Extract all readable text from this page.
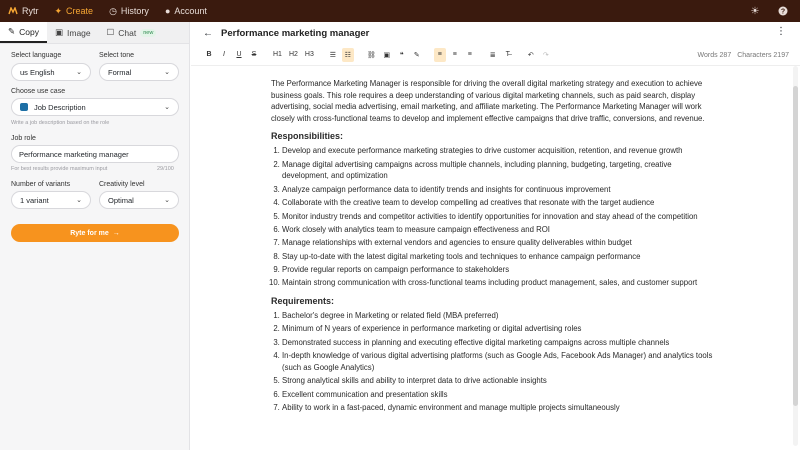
Rytr ✦ Create ◷ History ● Account	☀	?
✎ Copy ▣ Image ☐ Chat	new
Select language
us English	⌄
Select tone
Formal	⌄
Choose use case
Job Description	⌄
Write a job description based on the role
Job role
Performance marketing manager
For best results provide maximum input	29/100
Number of variants
1 variant	⌄
Creativity level
Optimal	⌄
Ryte for me →
← Performance marketing manager	⋮
B	I	U	S	H1 H2 H3	☰	☷	⛓	▣	❝	✎	≡	≡	≡	≣	T̶	↶	↷	Words 287 Characters 2197

The Performance Marketing Manager is responsible for driving the overall digital marketing strategy and execution to achieve business goals. This role requires a deep understanding of various digital marketing channels, such as paid search, display advertising, social media advertising, email marketing, and affiliate marketing. The Performance Marketing Manager will work closely with cross-functional teams to develop and implement effective campaigns that drive traffic, conversions, and revenue.

Responsibilities:
1. Develop and execute performance marketing strategies to drive customer acquisition, retention, and revenue growth
2. Manage digital advertising campaigns across multiple channels, including planning, budgeting, targeting, creative development, and optimization
3. Analyze campaign performance data to identify trends and insights for continuous improvement
4. Collaborate with the creative team to develop compelling ad creatives that resonate with the target audience
5. Monitor industry trends and competitor activities to identify opportunities for innovation and stay ahead of the competition
6. Work closely with analytics team to measure campaign effectiveness and ROI
7. Manage relationships with external vendors and agencies to ensure quality deliverables within budget
8. Stay up-to-date with the latest digital marketing tools and techniques to enhance campaign performance
9. Provide regular reports on campaign performance to stakeholders
10. Maintain strong communication with cross-functional teams including product management, sales, and customer support
Requirements:
1. Bachelor's degree in Marketing or related field (MBA preferred)
2. Minimum of N years of experience in performance marketing or digital advertising roles
3. Demonstrated success in planning and executing effective digital marketing campaigns across multiple channels
4. In-depth knowledge of various digital advertising platforms (such as Google Ads, Facebook Ads Manager) and analytics tools (such as Google Analytics)
5. Strong analytical skills and ability to interpret data to drive actionable insights
6. Excellent communication and presentation skills
7. Ability to work in a fast-paced, dynamic environment and manage multiple projects simultaneously
